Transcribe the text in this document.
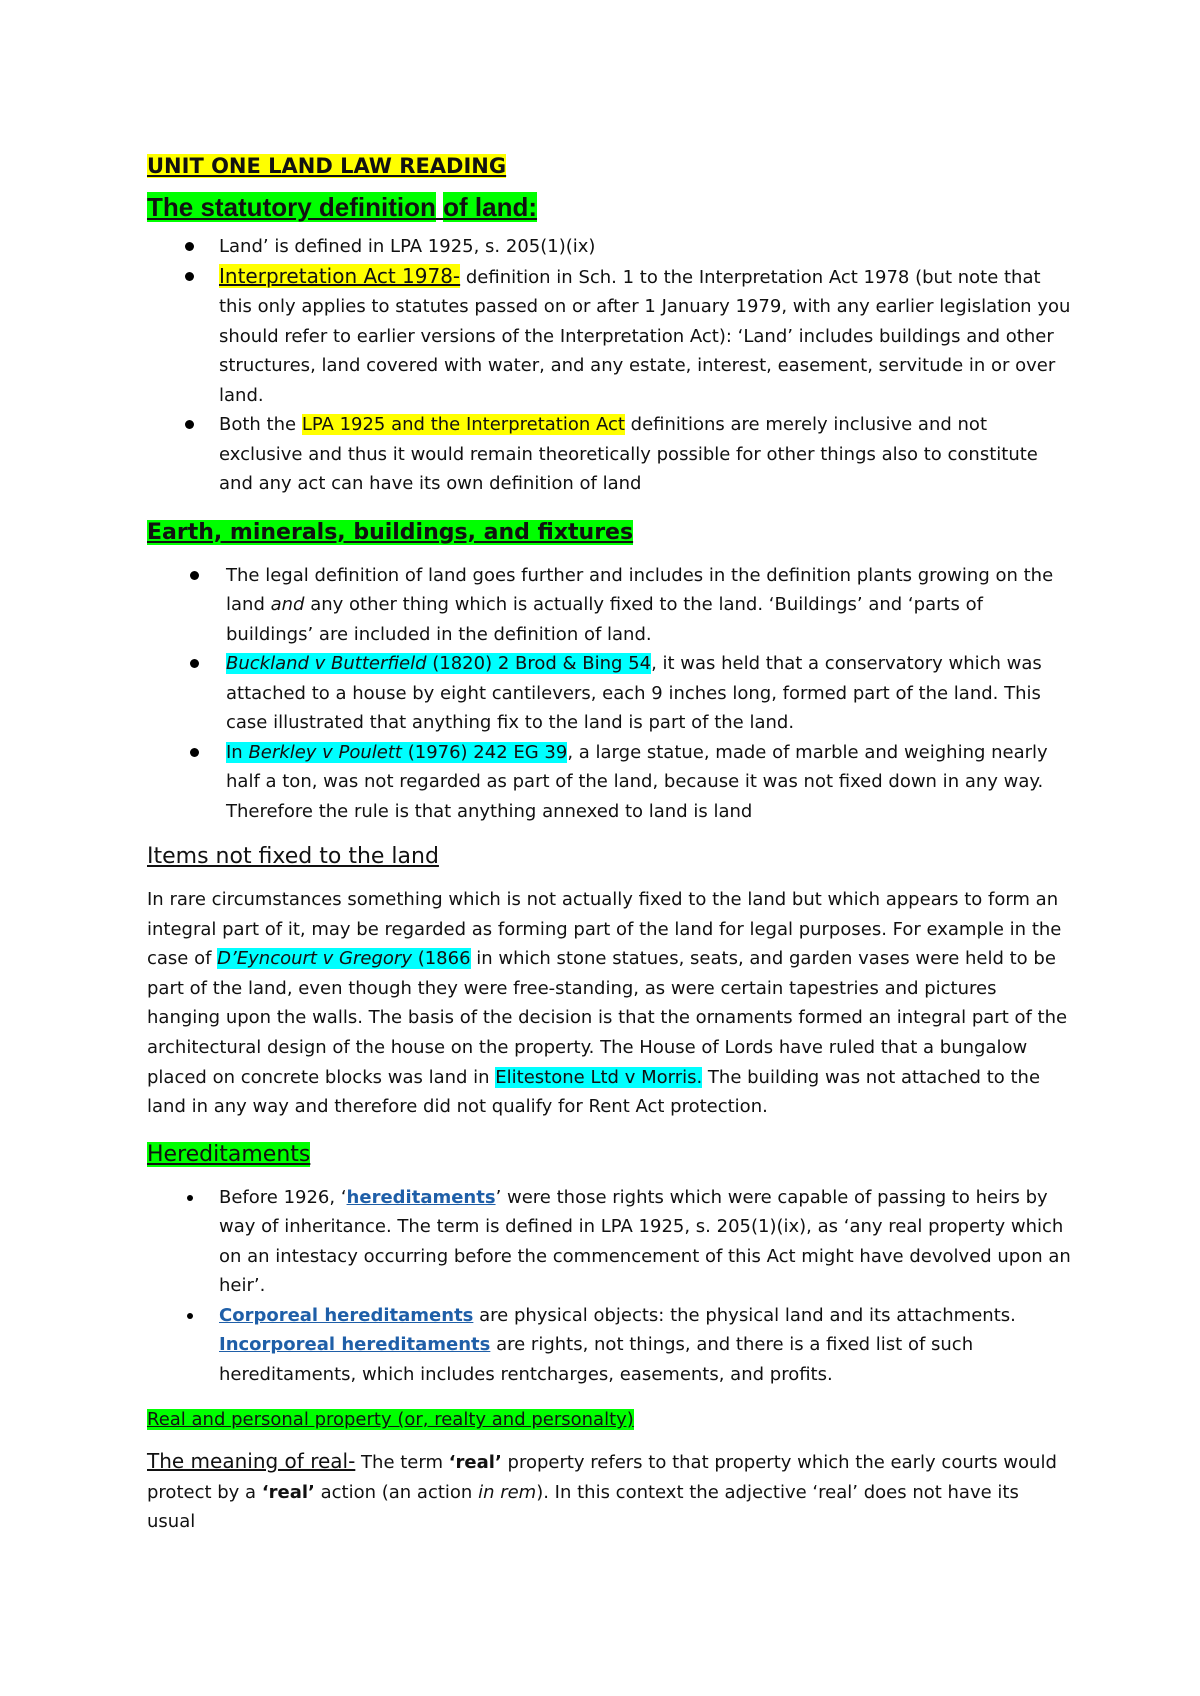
UNIT ONE LAND LAW READING
The statutory definition of land:
Land’ is defined in LPA 1925, s. 205(1)(ix)
Interpretation Act 1978- definition in Sch. 1 to the Interpretation Act 1978 (but note that this only applies to statutes passed on or after 1 January 1979, with any earlier legislation you should refer to earlier versions of the Interpretation Act): ‘Land’ includes buildings and other structures, land covered with water, and any estate, interest, easement, servitude in or over land.
Both the LPA 1925 and the Interpretation Act definitions are merely inclusive and not exclusive and thus it would remain theoretically possible for other things also to constitute and any act can have its own definition of land
Earth, minerals, buildings, and fixtures
The legal definition of land goes further and includes in the definition plants growing on the land and any other thing which is actually fixed to the land. ‘Buildings’ and ‘parts of buildings’ are included in the definition of land.
Buckland v Butterfield (1820) 2 Brod & Bing 54, it was held that a conservatory which was attached to a house by eight cantilevers, each 9 inches long, formed part of the land. This case illustrated that anything fix to the land is part of the land.
In Berkley v Poulett (1976) 242 EG 39, a large statue, made of marble and weighing nearly half a ton, was not regarded as part of the land, because it was not fixed down in any way. Therefore the rule is that anything annexed to land is land
Items not fixed to the land

In rare circumstances something which is not actually fixed to the land but which appears to form an integral part of it, may be regarded as forming part of the land for legal purposes. For example in the case of D’Eyncourt v Gregory (1866 in which stone statues, seats, and garden vases were held to be part of the land, even though they were free-standing, as were certain tapestries and pictures hanging upon the walls. The basis of the decision is that the ornaments formed an integral part of the architectural design of the house on the property. The House of Lords have ruled that a bungalow placed on concrete blocks was land in Elitestone Ltd v Morris. The building was not attached to the land in any way and therefore did not qualify for Rent Act protection.

Hereditaments
Before 1926, ‘hereditaments’ were those rights which were capable of passing to heirs by way of inheritance. The term is defined in LPA 1925, s. 205(1)(ix), as ‘any real property which on an intestacy occurring before the commencement of this Act might have devolved upon an heir’.
Corporeal hereditaments are physical objects: the physical land and its attachments. Incorporeal hereditaments are rights, not things, and there is a fixed list of such hereditaments, which includes rentcharges, easements, and profits.
Real and personal property (or, realty and personalty)

The meaning of real- The term ‘real’ property refers to that property which the early courts would protect by a ‘real’ action (an action in rem). In this context the adjective ‘real’ does not have its usual
